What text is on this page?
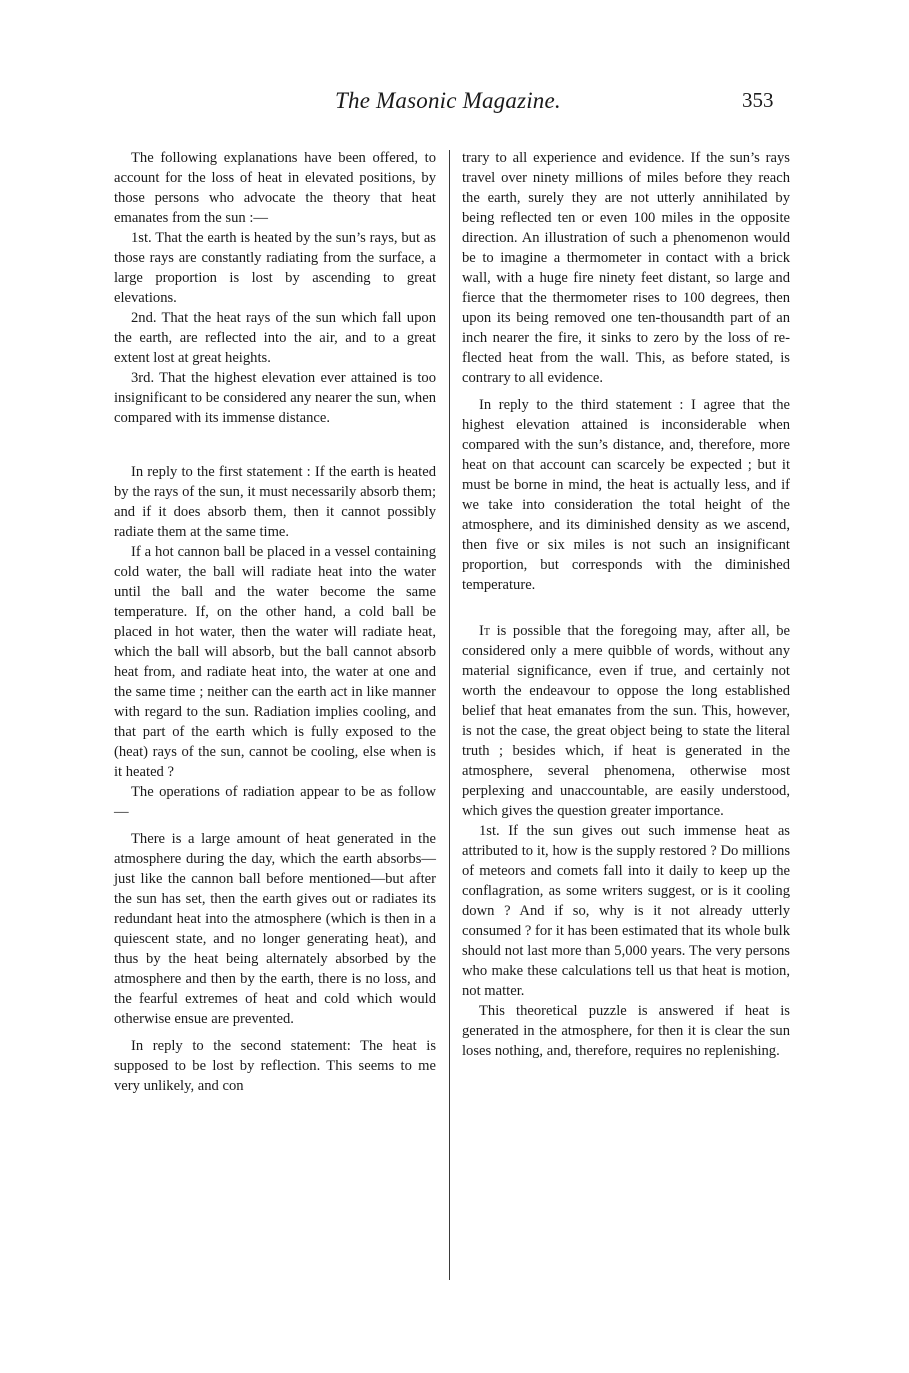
The Masonic Magazine.	353

The following explanations have been offered, to account for the loss of heat in elevated positions, by those persons who advocate the theory that heat emanates from the sun :—

1st. That the earth is heated by the sun’s rays, but as those rays are constantly radiating from the surface, a large proportion is lost by ascending to great elevations.

2nd. That the heat rays of the sun which fall upon the earth, are reflected into the air, and to a great extent lost at great heights.

3rd. That the highest elevation ever attained is too insignificant to be considered any nearer the sun, when compared with its immense distance.

In reply to the first statement : If the earth is heated by the rays of the sun, it must necessarily absorb them; and if it does absorb them, then it cannot possibly radiate them at the same time.

If a hot cannon ball be placed in a vessel containing cold water, the ball will radiate heat into the water until the ball and the water become the same temperature. If, on the other hand, a cold ball be placed in hot water, then the water will radiate heat, which the ball will absorb, but the ball cannot absorb heat from, and radiate heat into, the water at one and the same time ; neither can the earth act in like manner with regard to the sun. Radiation implies cooling, and that part of the earth which is fully exposed to the (heat) rays of the sun, cannot be cooling, else when is it heated ?

The operations of radiation appear to be as follow—

There is a large amount of heat generated in the atmosphere during the day, which the earth absorbs—just like the cannon ball before mentioned—but after the sun has set, then the earth gives out or radiates its redundant heat into the atmosphere (which is then in a quiescent state, and no longer generating heat), and thus by the heat being alternately absorbed by the atmosphere and then by the earth, there is no loss, and the fearful extremes of heat and cold which would otherwise ensue are prevented.

In reply to the second statement: The heat is supposed to be lost by reflection. This seems to me very unlikely, and con

trary to all experience and evidence. If the sun’s rays travel over ninety millions of miles before they reach the earth, surely they are not utterly annihilated by being reflected ten or even 100 miles in the opposite direction. An illustration of such a phenomenon would be to imagine a thermometer in contact with a brick wall, with a huge fire ninety feet distant, so large and fierce that the thermometer rises to 100 degrees, then upon its being removed one ten-thousandth part of an inch nearer the fire, it sinks to zero by the loss of reflected heat from the wall. This, as before stated, is contrary to all evidence.

In reply to the third statement : I agree that the highest elevation attained is inconsiderable when compared with the sun’s distance, and, therefore, more heat on that account can scarcely be expected ; but it must be borne in mind, the heat is actually less, and if we take into consideration the total height of the atmosphere, and its diminished density as we ascend, then five or six miles is not such an insignificant proportion, but corresponds with the diminished temperature.

It is possible that the foregoing may, after all, be considered only a mere quibble of words, without any material significance, even if true, and certainly not worth the endeavour to oppose the long established belief that heat emanates from the sun. This, however, is not the case, the great object being to state the literal truth ; besides which, if heat is generated in the atmosphere, several phenomena, otherwise most perplexing and unaccountable, are easily understood, which gives the question greater importance.

1st. If the sun gives out such immense heat as attributed to it, how is the supply restored ? Do millions of meteors and comets fall into it daily to keep up the conflagration, as some writers suggest, or is it cooling down ? And if so, why is it not already utterly consumed ? for it has been estimated that its whole bulk should not last more than 5,000 years. The very persons who make these calculations tell us that heat is motion, not matter.

This theoretical puzzle is answered if heat is generated in the atmosphere, for then it is clear the sun loses nothing, and, therefore, requires no replenishing.
